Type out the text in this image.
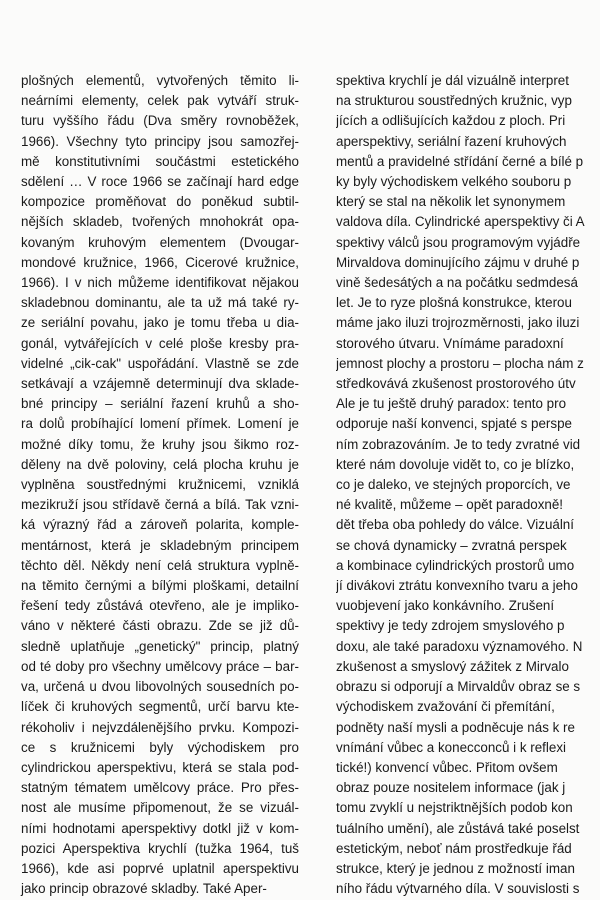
plošných elementů, vytvořených těmito li-
neárními elementy, celek pak vytváří struk-
turu vyššího řádu (Dva směry rovnoběžek,
1966). Všechny tyto principy jsou samozřej-
mě konstitutivními součástmi estetického
sdělení … V roce 1966 se začínají hard edge
kompozice proměňovat do poněkud subtil-
nějších skladeb, tvořených mnohokrát opa-
kovaným kruhovým elementem (Dvougar-
mondové kružnice, 1966, Cicerové kružnice,
1966). I v nich můžeme identifikovat nějakou
skladebnou dominantu, ale ta už má také ry-
ze seriální povahu, jako je tomu třeba u dia-
gonál, vytvářejících v celé ploše kresby pra-
videlné „cik-cak" uspořádání. Vlastně se zde
setkávají a vzájemně determinují dva sklade-
bné principy – seriální řazení kruhů a sho-
ra dolů probíhající lomení přímek. Lomení je
možné díky tomu, že kruhy jsou šikmo roz-
děleny na dvě poloviny, celá plocha kruhu je
vyplněna soustřednými kružnicemi, vzniklá
mezikruží jsou střídavě černá a bílá. Tak vzni-
ká výrazný řád a zároveň polarita, komple-
mentárnost, která je skladebným principem
těchto děl. Někdy není celá struktura vyplně-
na těmito černými a bílými ploškami, detailní
řešení tedy zůstává otevřeno, ale je impliko-
váno v některé části obrazu. Zde se již dů-
sledně uplatňuje „genetický" princip, platný
od té doby pro všechny umělcovy práce – bar-
va, určená u dvou libovolných sousedních po-
líček či kruhových segmentů, určí barvu kte-
rékoholiv i nejvzdálenějšího prvku. Kompozi-
ce s kružnicemi byly východiskem pro
cylindrickou aperspektivu, která se stala pod-
statným tématem umělcovy práce. Pro přes-
nost ale musíme připomenout, že se vizuál-
ními hodnotami aperspektivy dotkl již v kom-
pozici Aperspektiva krychlí (tužka 1964, tuš
1966), kde asi poprvé uplatnil aperspektivu
jako princip obrazové skladby. Také Aper-
spektiva krychlí je dál vizuálně interpret
na strukturou soustředných kružnic, vyp
jících a odlišujících každou z ploch. Pri
aperspektivy, seriální řazení kruhových
mentů a pravidelné střídání černé a bílé p
ky byly východiskem velkého souboru p
který se stal na několik let synonymem
valdova díla. Cylindrické aperspektivy či A
spektivy válců jsou programovým vyjádře
Mirvaldova dominujícího zájmu v druhé p
vině šedesátých a na počátku sedmdesá
let. Je to ryze plošná konstrukce, kterou
máme jako iluzi trojrozměrnosti, jako iluzi
storového útvaru. Vnímáme paradoxní
jemnost plochy a prostoru – plocha nám z
středkovává zkušenost prostorového útv
Ale je tu ještě druhý paradox: tento pro
odporuje naší konvenci, spjaté s perspe
ním zobrazováním. Je to tedy zvratné vid
které nám dovoluje vidět to, co je blízko,
co je daleko, ve stejných proporcích, ve
né kvalitě, můžeme – opět paradoxně!
dět třeba oba pohledy do válce. Vizuální
se chová dynamicky – zvratná perspek
a kombinace cylindrických prostorů umo
jí divákovi ztrátu konvexního tvaru a jeho
vuobjevení jako konkávního. Zrušení
spektivy je tedy zdrojem smyslového p
doxu, ale také paradoxu významového. N
zkušenost a smyslový zážitek z Mirvalo
obrazu si odporují a Mirvaldův obraz se s
východiskem zvažování či přemítání,
podněty naší mysli a podněcuje nás k re
vnímání vůbec a konecconců i k reflexi
tické!) konvencí vůbec. Přitom ovšem
obraz pouze nositelem informace (jak j
tomu zvyklí u nejstriktnějších podob kon
tuálního umění), ale zůstává také poselst
estetickým, neboť nám prostředkuje řád
strukce, který je jednou z možností iman
ního řádu výtvarného díla. V souvislosti s
